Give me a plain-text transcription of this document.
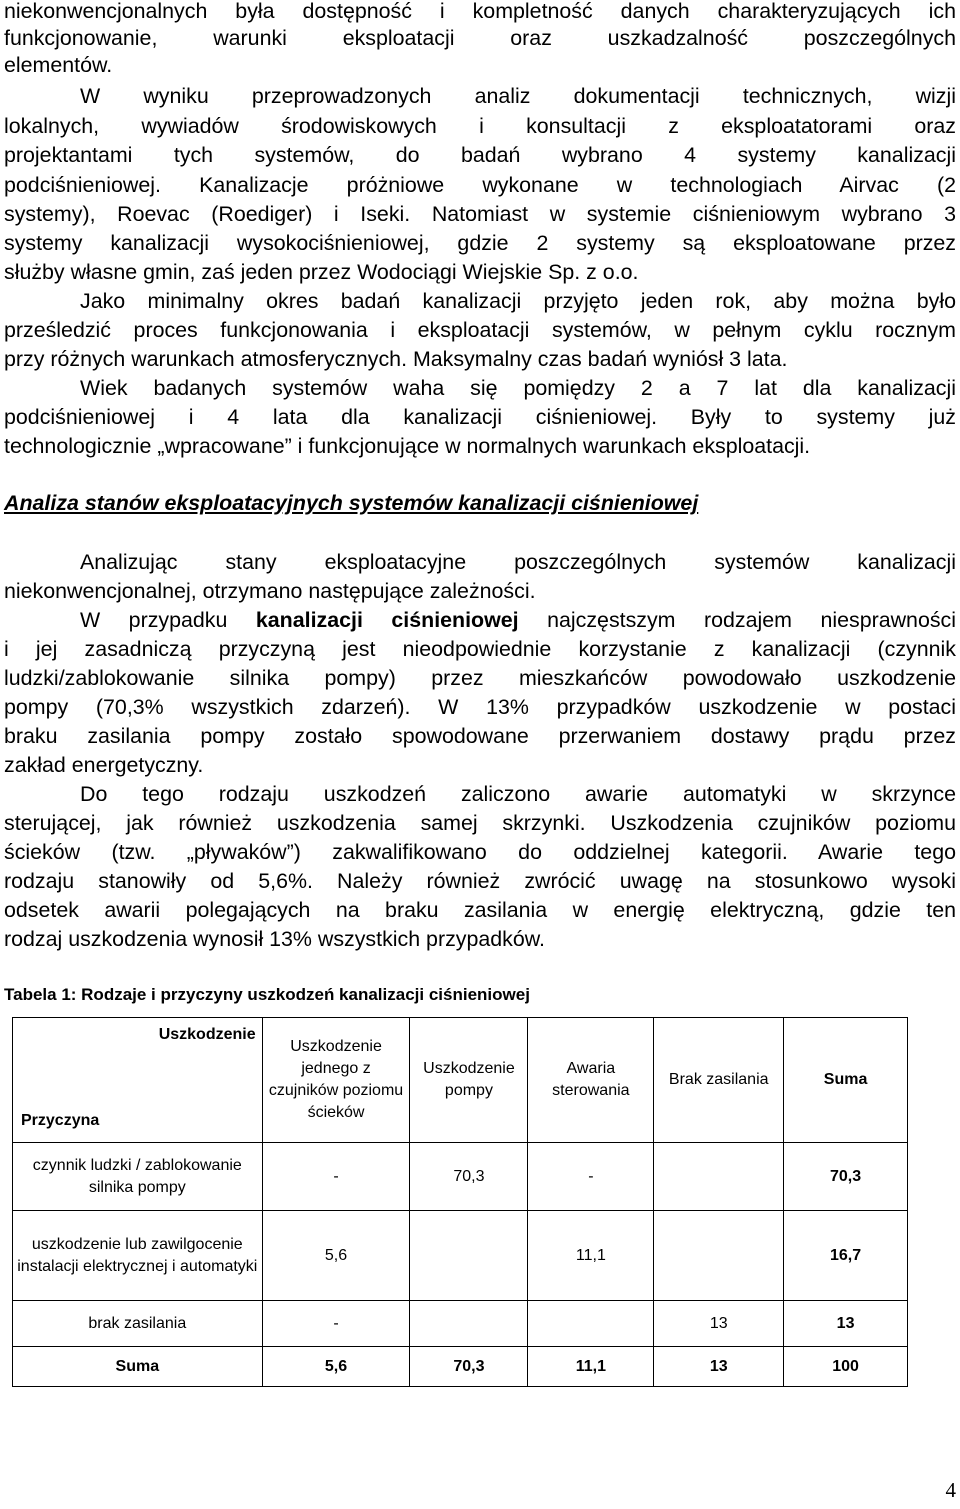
niekonwencjonalnych była dostępność i kompletność danych charakteryzujących ich
funkcjonowanie, warunki eksploatacji oraz uszkadzalność poszczególnych
elementów.
W wyniku przeprowadzonych analiz dokumentacji technicznych, wizji
lokalnych, wywiadów środowiskowych i konsultacji z eksploatatorami oraz
projektantami tych systemów, do badań wybrano 4 systemy kanalizacji
podciśnieniowej. Kanalizacje próżniowe wykonane w technologiach Airvac (2
systemy), Roevac (Roediger) i Iseki. Natomiast w systemie ciśnieniowym wybrano 3
systemy kanalizacji wysokociśnieniowej, gdzie 2 systemy są eksploatowane przez
służby własne gmin, zaś jeden przez Wodociągi Wiejskie Sp. z o.o.
Jako minimalny okres badań kanalizacji przyjęto jeden rok, aby można było
prześledzić proces funkcjonowania i eksploatacji systemów, w pełnym cyklu rocznym
przy różnych warunkach atmosferycznych. Maksymalny czas badań wyniósł 3 lata.
Wiek badanych systemów waha się pomiędzy 2 a 7 lat dla kanalizacji
podciśnieniowej i 4 lata dla kanalizacji ciśnieniowej. Były to systemy już
technologicznie „wpracowane” i funkcjonujące w normalnych warunkach eksploatacji.
Analiza stanów eksploatacyjnych systemów kanalizacji ciśnieniowej
Analizując stany eksploatacyjne poszczególnych systemów kanalizacji
niekonwencjonalnej, otrzymano następujące zależności.
W przypadku kanalizacji ciśnieniowej najczęstszym rodzajem niesprawności
i jej zasadniczą przyczyną jest nieodpowiednie korzystanie z kanalizacji (czynnik
ludzki/zablokowanie silnika pompy) przez mieszkańców powodowało uszkodzenie
pompy (70,3% wszystkich zdarzeń). W 13% przypadków uszkodzenie w postaci
braku zasilania pompy zostało spowodowane przerwaniem dostawy prądu przez
zakład energetyczny.
Do tego rodzaju uszkodzeń zaliczono awarie automatyki w skrzynce
sterującej, jak również uszkodzenia samej skrzynki. Uszkodzenia czujników poziomu
ścieków (tzw. „pływaków”) zakwalifikowano do oddzielnej kategorii. Awarie tego
rodzaju stanowiły od 5,6%. Należy również zwrócić uwagę na stosunkowo wysoki
odsetek awarii polegających na braku zasilania w energię elektryczną, gdzie ten
rodzaj uszkodzenia wynosił 13% wszystkich przypadków.
Tabela 1: Rodzaje i przyczyny uszkodzeń kanalizacji ciśnieniowej
Uszkodzenie
Przyczyna	Uszkodzenie jednego z czujników poziomu ścieków	Uszkodzenie pompy	Awaria sterowania	Brak zasilania	Suma
czynnik ludzki / zablokowanie silnika pompy	-	70,3	-		70,3
uszkodzenie lub zawilgocenie instalacji elektrycznej i automatyki	5,6		11,1		16,7
brak zasilania	-			13	13
Suma	5,6	70,3	11,1	13	100
4
